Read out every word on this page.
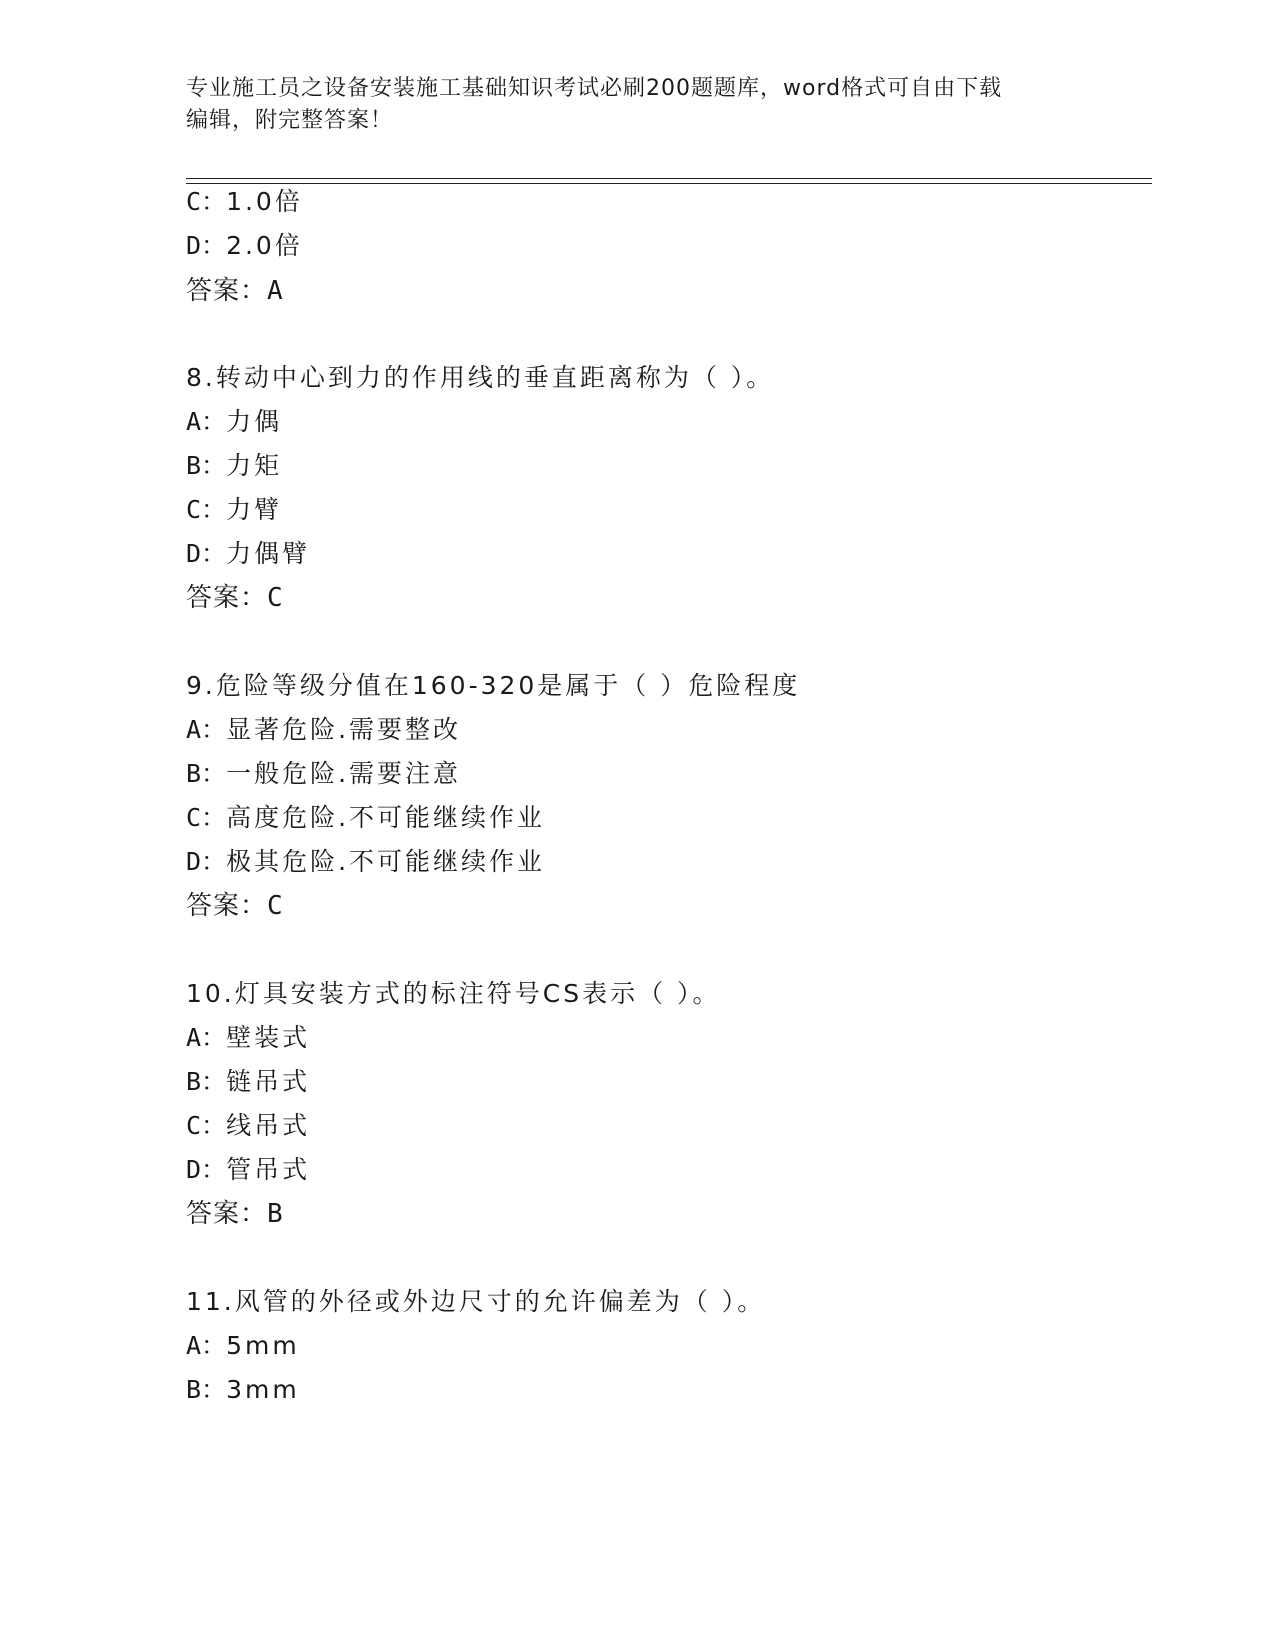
专业施工员之设备安装施工基础知识考试必刷200题题库，word格式可自由下载
编辑，附完整答案！
C：1.0倍
D：2.0倍
答案：A
8.转动中心到力的作用线的垂直距离称为（ ）。
A：力偶
B：力矩
C：力臂
D：力偶臂
答案：C
9.危险等级分值在160-320是属于（ ）危险程度
A：显著危险.需要整改
B：一般危险.需要注意
C：高度危险.不可能继续作业
D：极其危险.不可能继续作业
答案：C
10.灯具安装方式的标注符号CS表示（ ）。
A：壁装式
B：链吊式
C：线吊式
D：管吊式
答案：B
11.风管的外径或外边尺寸的允许偏差为（ ）。
A：5mm
B：3mm
